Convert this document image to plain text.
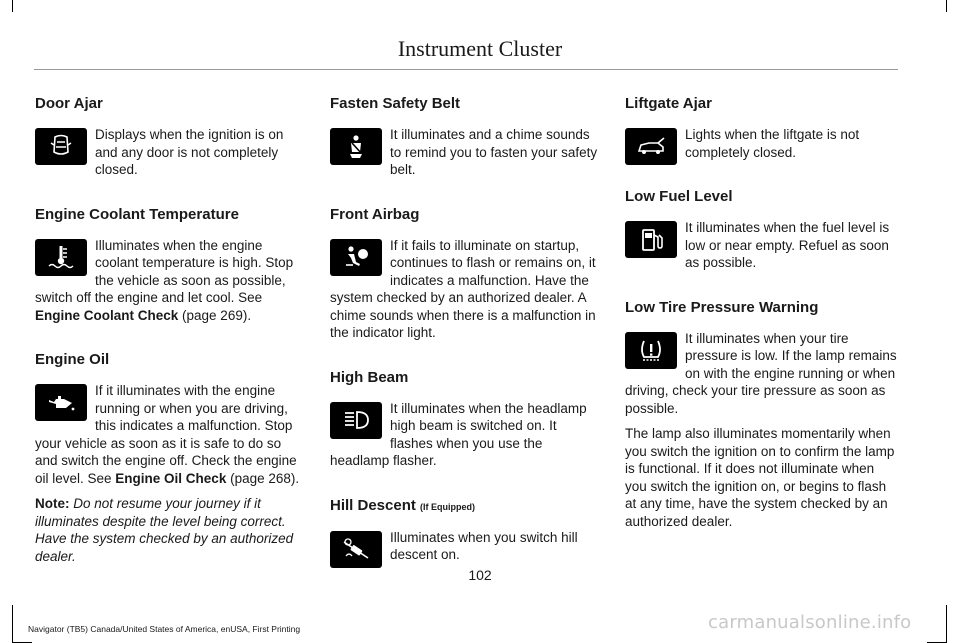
Instrument Cluster
Door Ajar

Displays when the ignition is on and any door is not completely closed.

Engine Coolant Temperature

Illuminates when the engine coolant temperature is high. Stop the vehicle as soon as possible, switch off the engine and let cool. See Engine Coolant Check (page 269).

Engine Oil

If it illuminates with the engine running or when you are driving, this indicates a malfunction. Stop your vehicle as soon as it is safe to do so and switch the engine off. Check the engine oil level. See Engine Oil Check (page 268).

Note: Do not resume your journey if it illuminates despite the level being correct. Have the system checked by an authorized dealer.

Fasten Safety Belt

It illuminates and a chime sounds to remind you to fasten your safety belt.

Front Airbag

If it fails to illuminate on startup, continues to flash or remains on, it indicates a malfunction. Have the system checked by an authorized dealer. A chime sounds when there is a malfunction in the indicator light.

High Beam

It illuminates when the headlamp high beam is switched on. It flashes when you use the headlamp flasher.

Hill Descent (If Equipped)

Illuminates when you switch hill descent on.

Liftgate Ajar

Lights when the liftgate is not completely closed.

Low Fuel Level

It illuminates when the fuel level is low or near empty. Refuel as soon as possible.

Low Tire Pressure Warning

It illuminates when your tire pressure is low. If the lamp remains on with the engine running or when driving, check your tire pressure as soon as possible.

The lamp also illuminates momentarily when you switch the ignition on to confirm the lamp is functional. If it does not illuminate when you switch the ignition on, or begins to flash at any time, have the system checked by an authorized dealer.

102
Navigator (TB5) Canada/United States of America, enUSA, First Printing	carmanualsonline.info
